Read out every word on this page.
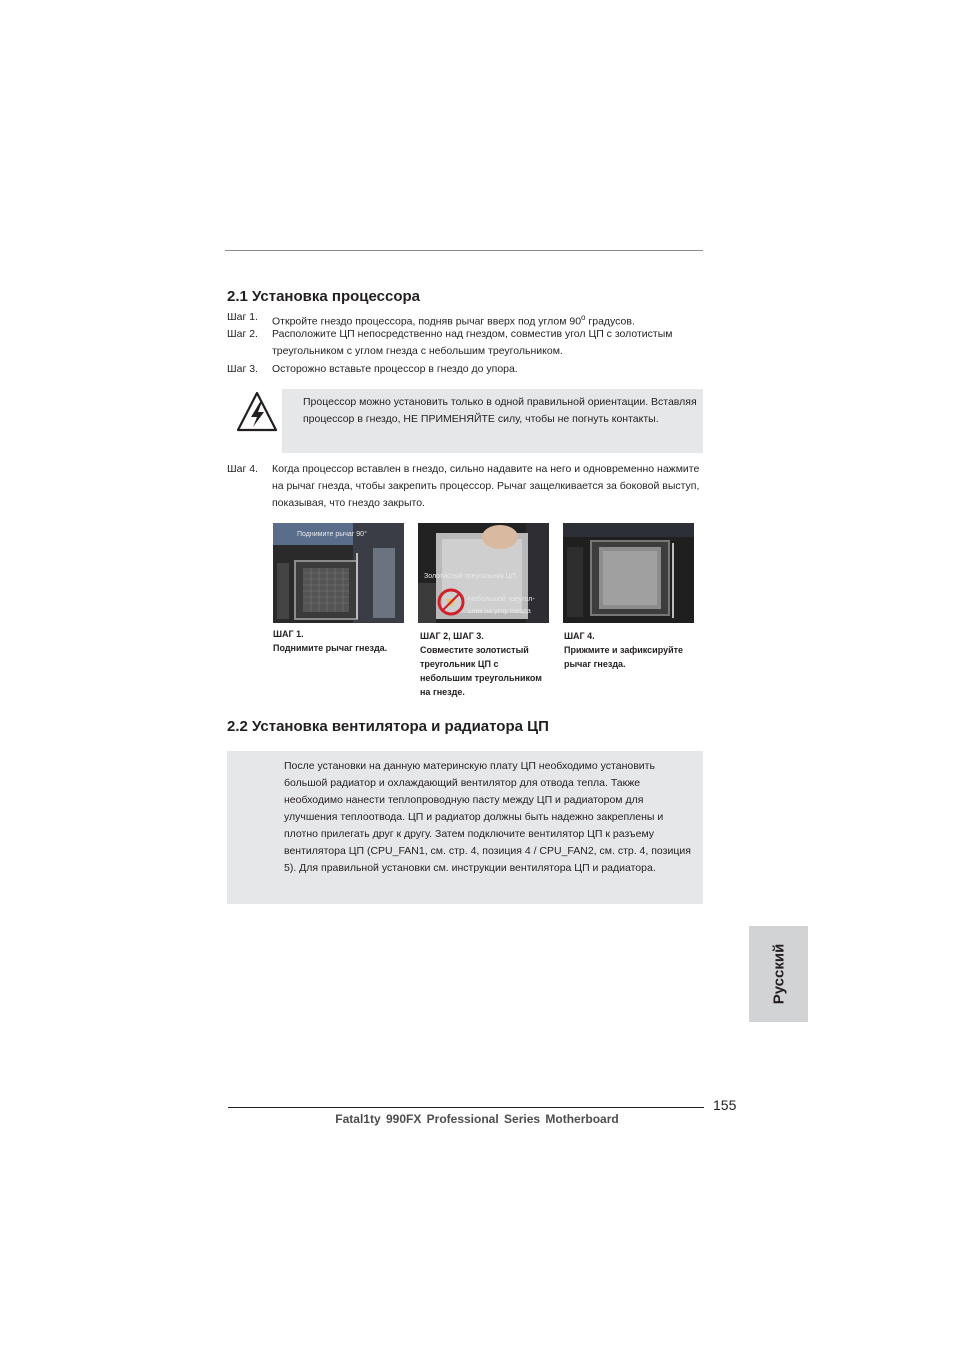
2.1 Установка процессора
Шаг 1. Откройте гнездо процессора, подняв рычаг вверх под углом 90$^o$ градусов.
Шаг 2. Расположите ЦП непосредственно над гнездом, совместив угол ЦП с золотистым треугольником с углом гнезда с небольшим треугольником.
Шаг 3. Осторожно вставьте процессор в гнездо до упора.
Процессор можно установить только в одной правильной ориентации. Вставляя процессор в гнездо, НЕ ПРИМЕНЯЙТЕ силу, чтобы не погнуть контакты.
Шаг 4. Когда процессор вставлен в гнездо, сильно надавите на него и одновременно нажмите на рычаг гнезда, чтобы закрепить процессор. Рычаг защелкивается за боковой выступ, показывая, что гнездо закрыто.
Поднимите рычаг 90°
ШАГ 1.
Поднимите рычаг гнезда.
Золотистый треугольник ЦП
Небольшой треугол-
ьник на углу гнезда
ШАГ 2, ШАГ 3.
Совместите золотистый треугольник ЦП с небольшим треугольником на гнезде.
ШАГ 4.
Прижмите и зафиксируйте рычаг гнезда.
2.2 Установка вентилятора и радиатора ЦП
После установки на данную материнскую плату ЦП необходимо установить большой радиатор и охлаждающий вентилятор для отвода тепла. Также необходимо нанести теплопроводную пасту между ЦП и радиатором для улучшения теплоотвода. ЦП и радиатор должны быть надежно закреплены и плотно прилегать друг к другу. Затем подключите вентилятор ЦП к разъему вентилятора ЦП (CPU_FAN1, см. стр. 4, позиция 4 / CPU_FAN2, см. стр. 4, позиция 5). Для правильной установки см. инструкции вентилятора ЦП и радиатора.
Русский
155
Fatal1ty 990FX Professional Series Motherboard
